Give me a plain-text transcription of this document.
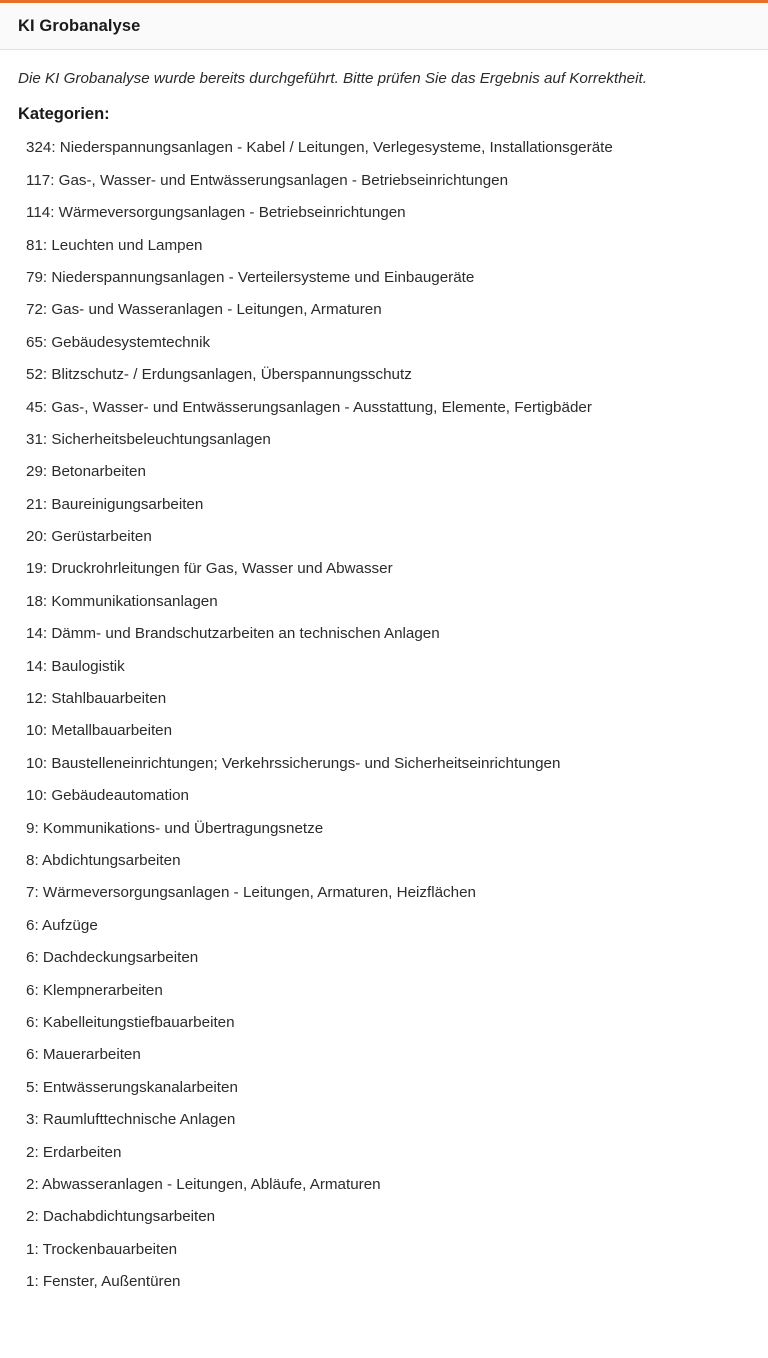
KI Grobanalyse

Die KI Grobanalyse wurde bereits durchgeführt. Bitte prüfen Sie das Ergebnis auf Korrektheit.

Kategorien:
324: Niederspannungsanlagen - Kabel / Leitungen, Verlegesysteme, Installationsgeräte
117: Gas-, Wasser- und Entwässerungsanlagen - Betriebseinrichtungen
114: Wärmeversorgungsanlagen - Betriebseinrichtungen
81: Leuchten und Lampen
79: Niederspannungsanlagen - Verteilersysteme und Einbaugeräte
72: Gas- und Wasseranlagen - Leitungen, Armaturen
65: Gebäudesystemtechnik
52: Blitzschutz- / Erdungsanlagen, Überspannungsschutz
45: Gas-, Wasser- und Entwässerungsanlagen - Ausstattung, Elemente, Fertigbäder
31: Sicherheitsbeleuchtungsanlagen
29: Betonarbeiten
21: Baureinigungsarbeiten
20: Gerüstarbeiten
19: Druckrohrleitungen für Gas, Wasser und Abwasser
18: Kommunikationsanlagen
14: Dämm- und Brandschutzarbeiten an technischen Anlagen
14: Baulogistik
12: Stahlbauarbeiten
10: Metallbauarbeiten
10: Baustelleneinrichtungen; Verkehrssicherungs- und Sicherheitseinrichtungen
10: Gebäudeautomation
9: Kommunikations- und Übertragungsnetze
8: Abdichtungsarbeiten
7: Wärmeversorgungsanlagen - Leitungen, Armaturen, Heizflächen
6: Aufzüge
6: Dachdeckungsarbeiten
6: Klempnerarbeiten
6: Kabelleitungstiefbauarbeiten
6: Mauerarbeiten
5: Entwässerungskanalarbeiten
3: Raumlufttechnische Anlagen
2: Erdarbeiten
2: Abwasseranlagen - Leitungen, Abläufe, Armaturen
2: Dachabdichtungsarbeiten
1: Trockenbauarbeiten
1: Fenster, Außentüren
